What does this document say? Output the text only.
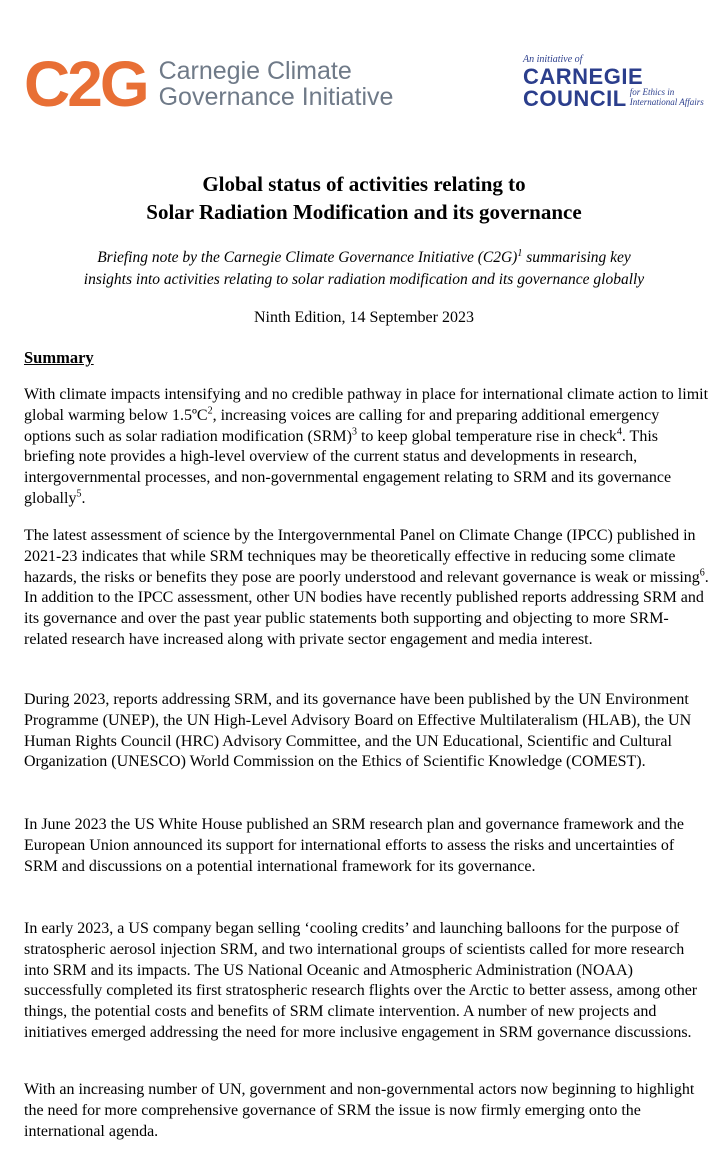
C2G Carnegie Climate
Governance Initiative
An initiative of
CARNEGIE
COUNCIL for Ethics in
International Affairs
Global status of activities relating to
Solar Radiation Modification and its governance
Briefing note by the Carnegie Climate Governance Initiative $(C2G)^1$ summarising key
insights into activities relating to solar radiation modification and its governance globally
Ninth Edition, 14 September 2023
Summary
With climate impacts intensifying and no credible pathway in place for international climate action to limit global warming below 1.5ºC$^2$, increasing voices are calling for and preparing additional emergency options such as solar radiation modification (SRM)$^3$ to keep global temperature rise in check$^4$. This briefing note provides a high-level overview of the current status and developments in research, intergovernmental processes, and non-governmental engagement relating to SRM and its governance globally$^5$.
The latest assessment of science by the Intergovernmental Panel on Climate Change (IPCC) published in 2021-23 indicates that while SRM techniques may be theoretically effective in reducing some climate hazards, the risks or benefits they pose are poorly understood and relevant governance is weak or missing$^6$. In addition to the IPCC assessment, other UN bodies have recently published reports addressing SRM and its governance and over the past year public statements both supporting and objecting to more SRM-related research have increased along with private sector engagement and media interest.
During 2023, reports addressing SRM, and its governance have been published by the UN Environment Programme (UNEP), the UN High-Level Advisory Board on Effective Multilateralism (HLAB), the UN Human Rights Council (HRC) Advisory Committee, and the UN Educational, Scientific and Cultural Organization (UNESCO) World Commission on the Ethics of Scientific Knowledge (COMEST).
In June 2023 the US White House published an SRM research plan and governance framework and the European Union announced its support for international efforts to assess the risks and uncertainties of SRM and discussions on a potential international framework for its governance.
In early 2023, a US company began selling ‘cooling credits’ and launching balloons for the purpose of stratospheric aerosol injection SRM, and two international groups of scientists called for more research into SRM and its impacts. The US National Oceanic and Atmospheric Administration (NOAA) successfully completed its first stratospheric research flights over the Arctic to better assess, among other things, the potential costs and benefits of SRM climate intervention. A number of new projects and initiatives emerged addressing the need for more inclusive engagement in SRM governance discussions.
With an increasing number of UN, government and non-governmental actors now beginning to highlight the need for more comprehensive governance of SRM the issue is now firmly emerging onto the international agenda.
